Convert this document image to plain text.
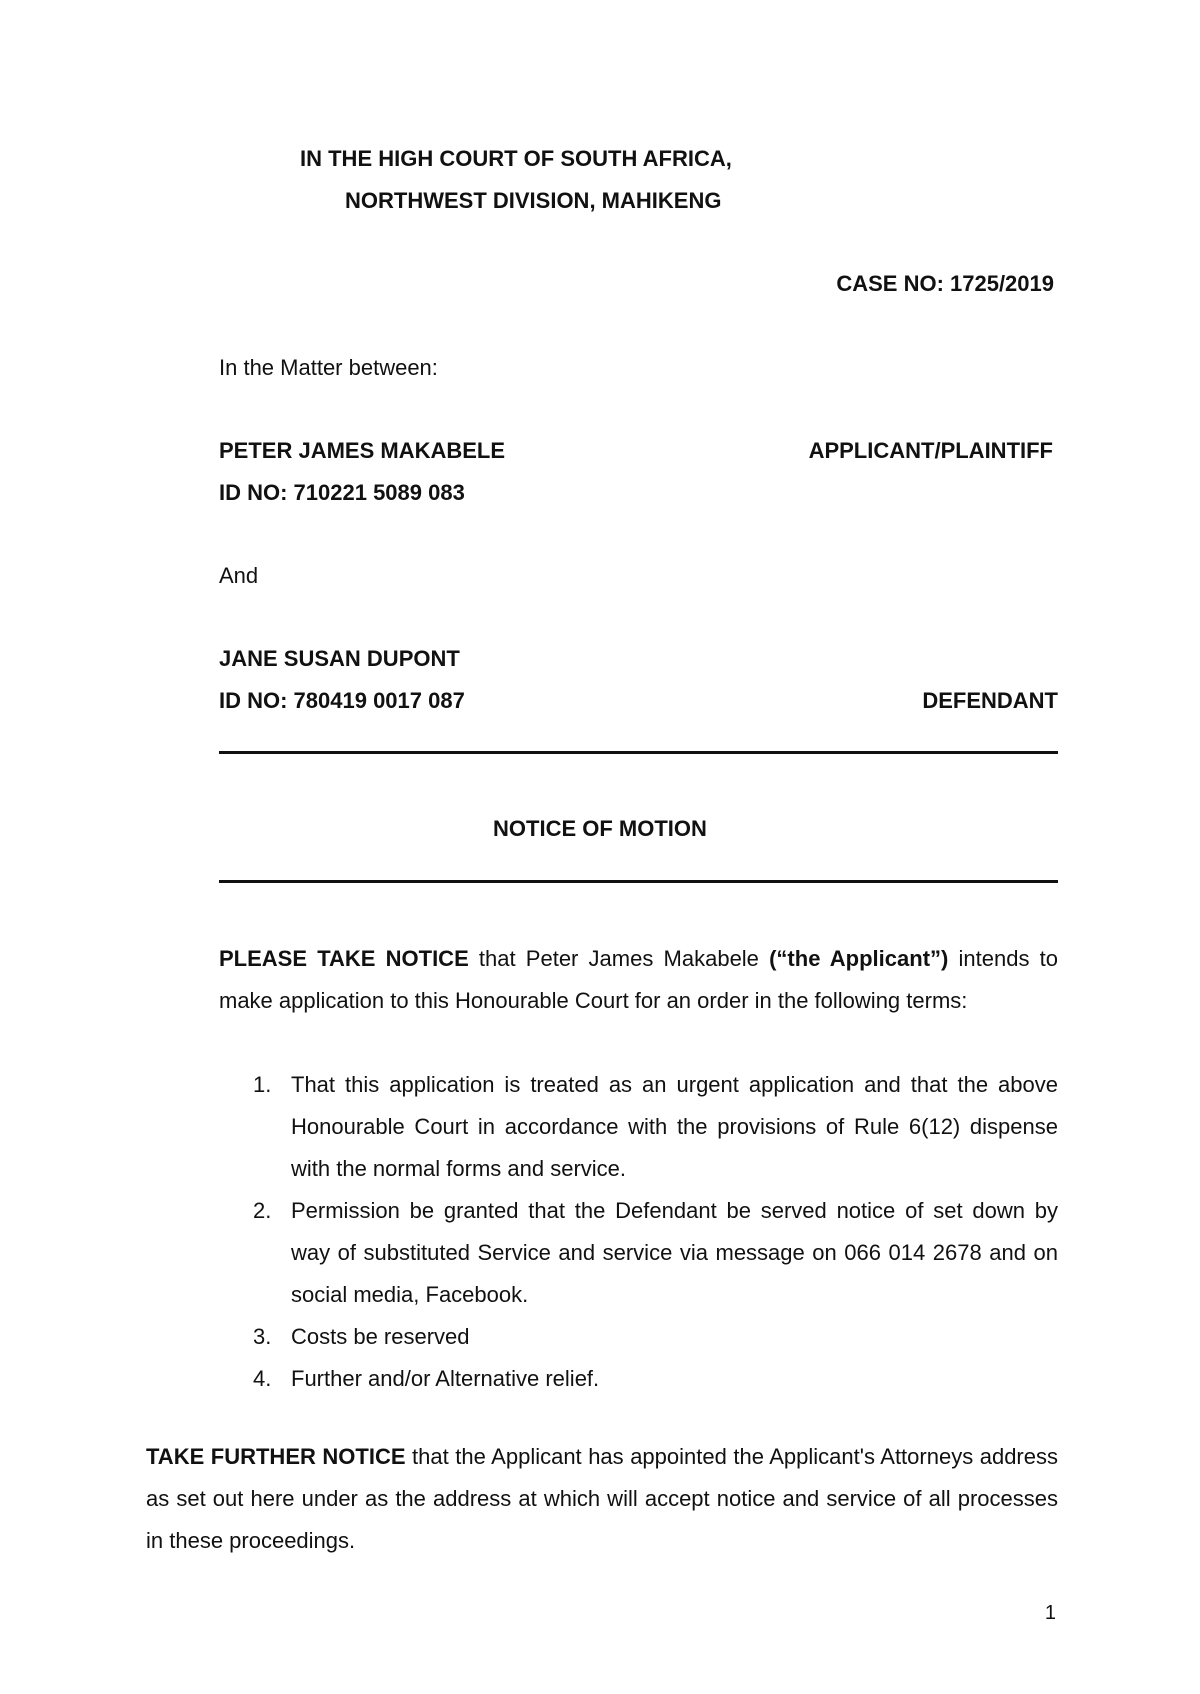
IN THE HIGH COURT OF SOUTH AFRICA,
NORTHWEST DIVISION, MAHIKENG
CASE NO: 1725/2019
In the Matter between:
PETER JAMES MAKABELE	APPLICANT/PLAINTIFF
ID NO: 710221 5089 083
And
JANE SUSAN DUPONT
ID NO: 780419 0017 087	DEFENDANT
NOTICE OF MOTION
PLEASE TAKE NOTICE that Peter James Makabele (“the Applicant”) intends to make application to this Honourable Court for an order in the following terms:
1. That this application is treated as an urgent application and that the above Honourable Court in accordance with the provisions of Rule 6(12) dispense with the normal forms and service.
2. Permission be granted that the Defendant be served notice of set down by way of substituted Service and service via message on 066 014 2678 and on social media, Facebook.
3. Costs be reserved
4. Further and/or Alternative relief.
TAKE FURTHER NOTICE that the Applicant has appointed the Applicant's Attorneys address as set out here under as the address at which will accept notice and service of all processes in these proceedings.
1
